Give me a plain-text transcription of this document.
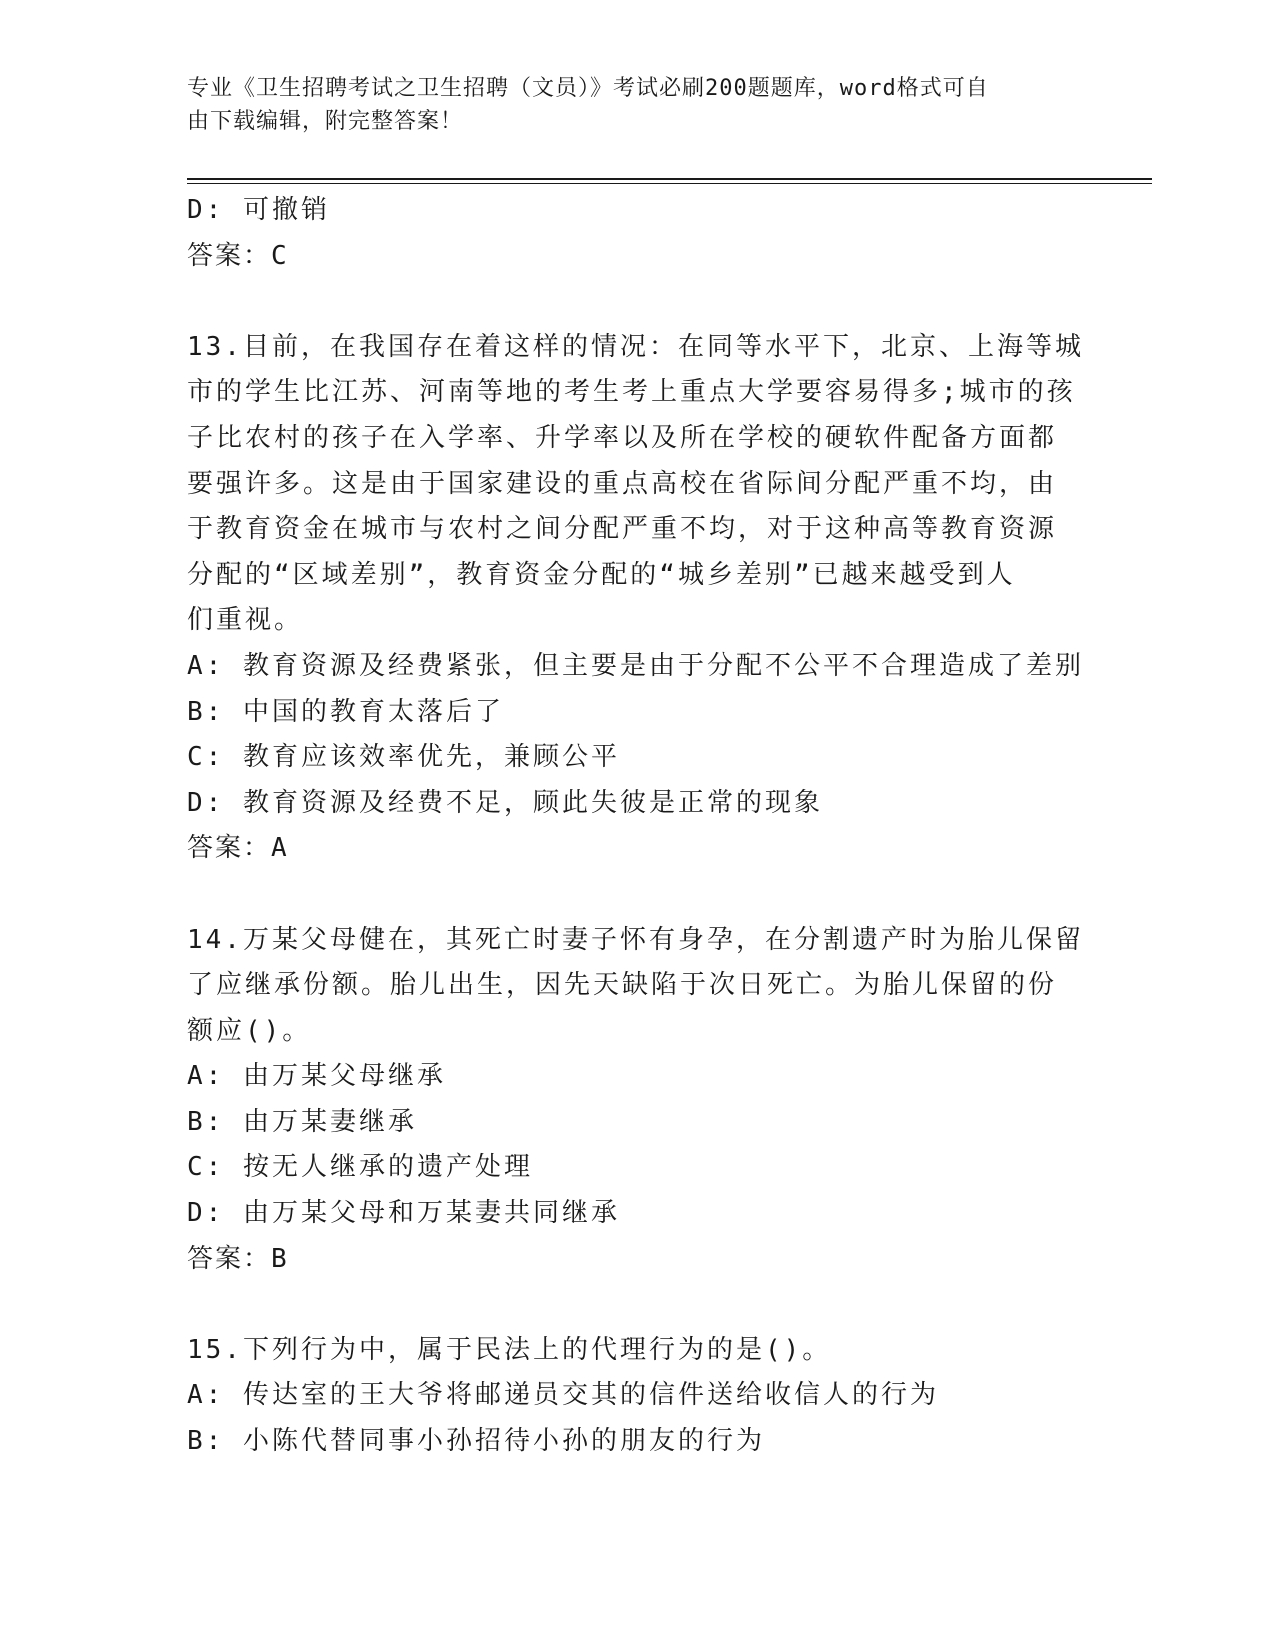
专业《卫生招聘考试之卫生招聘（文员）》考试必刷200题题库，word格式可自
由下载编辑，附完整答案！
D: 可撤销
答案：C
13.目前，在我国存在着这样的情况：在同等水平下，北京、上海等城
市的学生比江苏、河南等地的考生考上重点大学要容易得多;城市的孩
子比农村的孩子在入学率、升学率以及所在学校的硬软件配备方面都
要强许多。这是由于国家建设的重点高校在省际间分配严重不均，由
于教育资金在城市与农村之间分配严重不均，对于这种高等教育资源
分配的“区域差别”，教育资金分配的“城乡差别”已越来越受到人
们重视。
A: 教育资源及经费紧张，但主要是由于分配不公平不合理造成了差别
B: 中国的教育太落后了
C: 教育应该效率优先，兼顾公平
D: 教育资源及经费不足，顾此失彼是正常的现象
答案：A
14.万某父母健在，其死亡时妻子怀有身孕，在分割遗产时为胎儿保留
了应继承份额。胎儿出生，因先天缺陷于次日死亡。为胎儿保留的份
额应()。
A: 由万某父母继承
B: 由万某妻继承
C: 按无人继承的遗产处理
D: 由万某父母和万某妻共同继承
答案：B
15.下列行为中，属于民法上的代理行为的是()。
A: 传达室的王大爷将邮递员交其的信件送给收信人的行为
B: 小陈代替同事小孙招待小孙的朋友的行为
